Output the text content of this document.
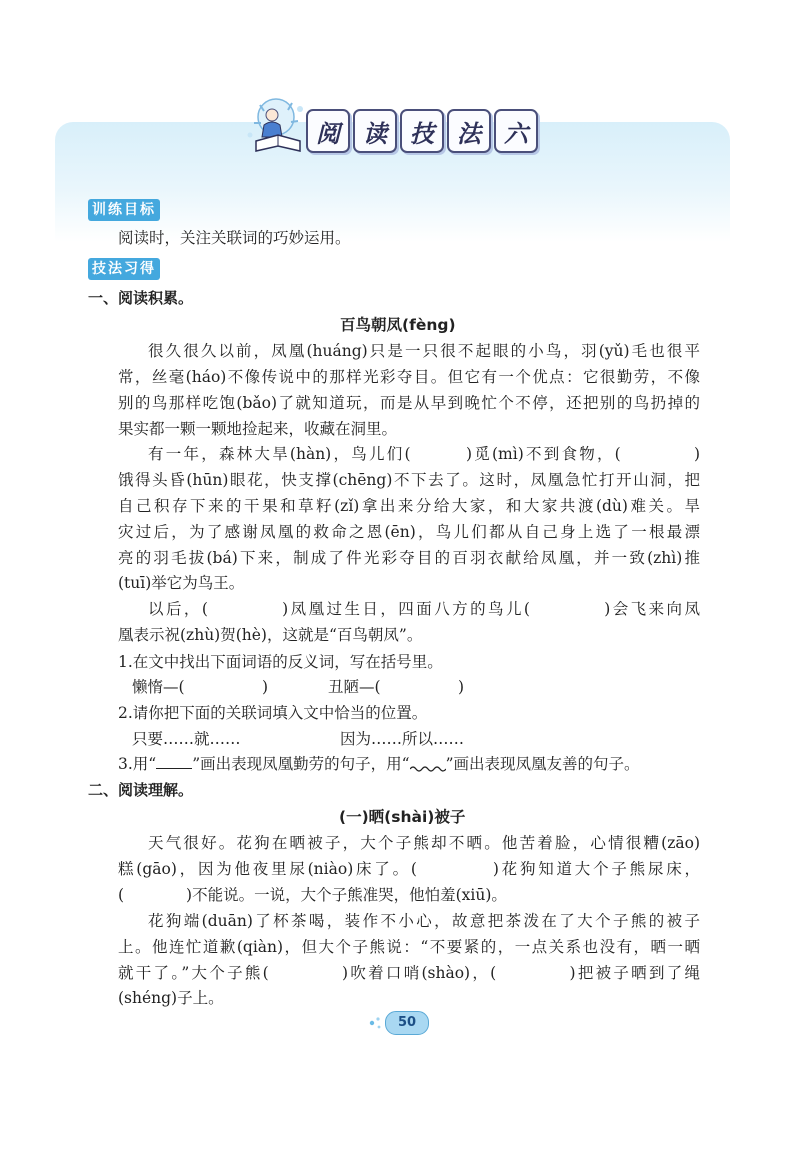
阅 读 技 法 六
训练目标
阅读时，关注关联词的巧妙运用。
技法习得
一、阅读积累。
百鸟朝凤(fèng)
很久很久以前，凤凰(huáng)只是一只很不起眼的小鸟，羽(yǔ)毛也很平
常，丝毫(háo)不像传说中的那样光彩夺目。但它有一个优点：它很勤劳，不像
别的鸟那样吃饱(bǎo)了就知道玩，而是从早到晚忙个不停，还把别的鸟扔掉的
果实都一颗一颗地捡起来，收藏在洞里。
有一年，森林大旱(hàn)，鸟儿们(　　　)觅(mì)不到食物，(　　　　)
饿得头昏(hūn)眼花，快支撑(chēng)不下去了。这时，凤凰急忙打开山洞，把
自己积存下来的干果和草籽(zǐ)拿出来分给大家，和大家共渡(dù)难关。旱
灾过后，为了感谢凤凰的救命之恩(ēn)，鸟儿们都从自己身上选了一根最漂
亮的羽毛拔(bá)下来，制成了件光彩夺目的百羽衣献给凤凰，并一致(zhì)推
(tuī)举它为鸟王。
以后，(　　　　)凤凰过生日，四面八方的鸟儿(　　　　)会飞来向凤
凰表示祝(zhù)贺(hè)，这就是“百鸟朝凤”。
1.在文中找出下面词语的反义词，写在括号里。
懒惰—(　　　　　)	丑陋—(　　　　　)
2.请你把下面的关联词填入文中恰当的位置。
只要……就……	因为……所以……
3.用“ ”画出表现凤凰勤劳的句子，用“ ”画出表现凤凰友善的句子。
二、阅读理解。
(一)晒(shài)被子
天气很好。花狗在晒被子，大个子熊却不晒。他苦着脸，心情很糟(zāo)
糕(gāo)，因为他夜里尿(niào)床了。(　　　　)花狗知道大个子熊尿床，
(　　　　)不能说。一说，大个子熊准哭，他怕羞(xiū)。
花狗端(duān)了杯茶喝，装作不小心，故意把茶泼在了大个子熊的被子
上。他连忙道歉(qiàn)，但大个子熊说：“不要紧的，一点关系也没有，晒一晒
就干了。”大个子熊(　　　　)吹着口哨(shào)，(　　　　)把被子晒到了绳
(shéng)子上。
50
